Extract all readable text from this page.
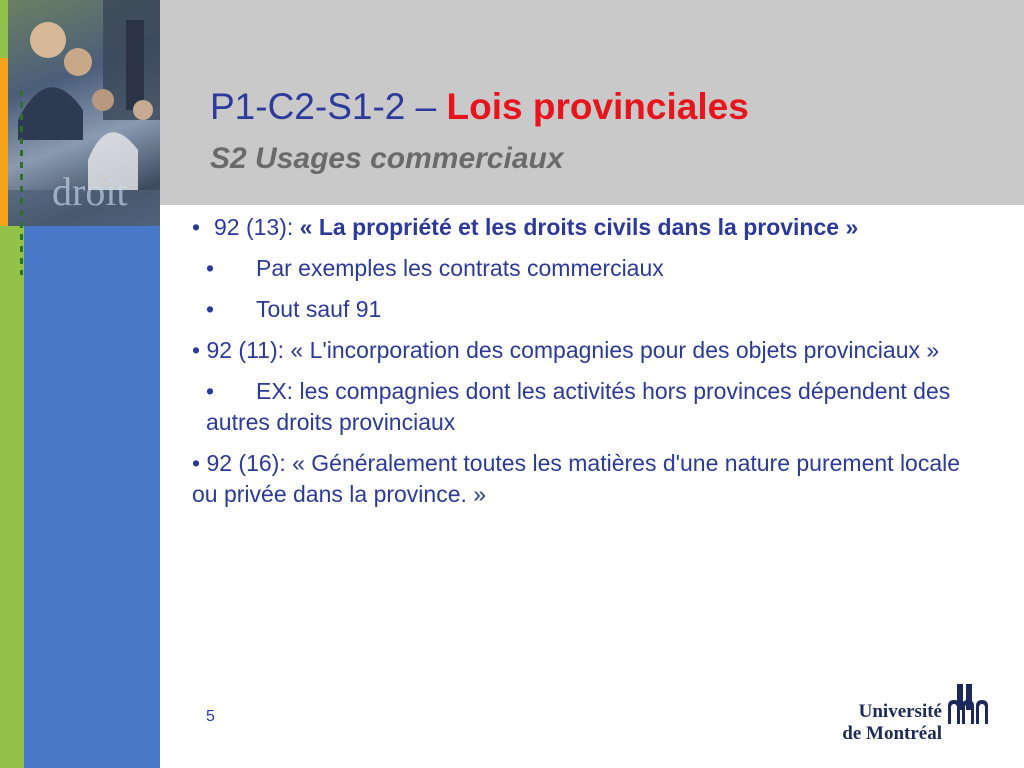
droit

P1-C2-S1-2 – Lois provinciales
S2 Usages commerciaux

• 92 (13): « La propriété et les droits civils dans la province »

• Par exemples les contrats commerciaux

• Tout sauf 91

• 92 (11): « L'incorporation des compagnies pour des objets provinciaux »

• EX: les compagnies dont les activités hors provinces dépendent des autres droits provinciaux

• 92 (16): « Généralement toutes les matières d'une nature purement locale ou privée dans la province. »

5	Université
de Montréal
